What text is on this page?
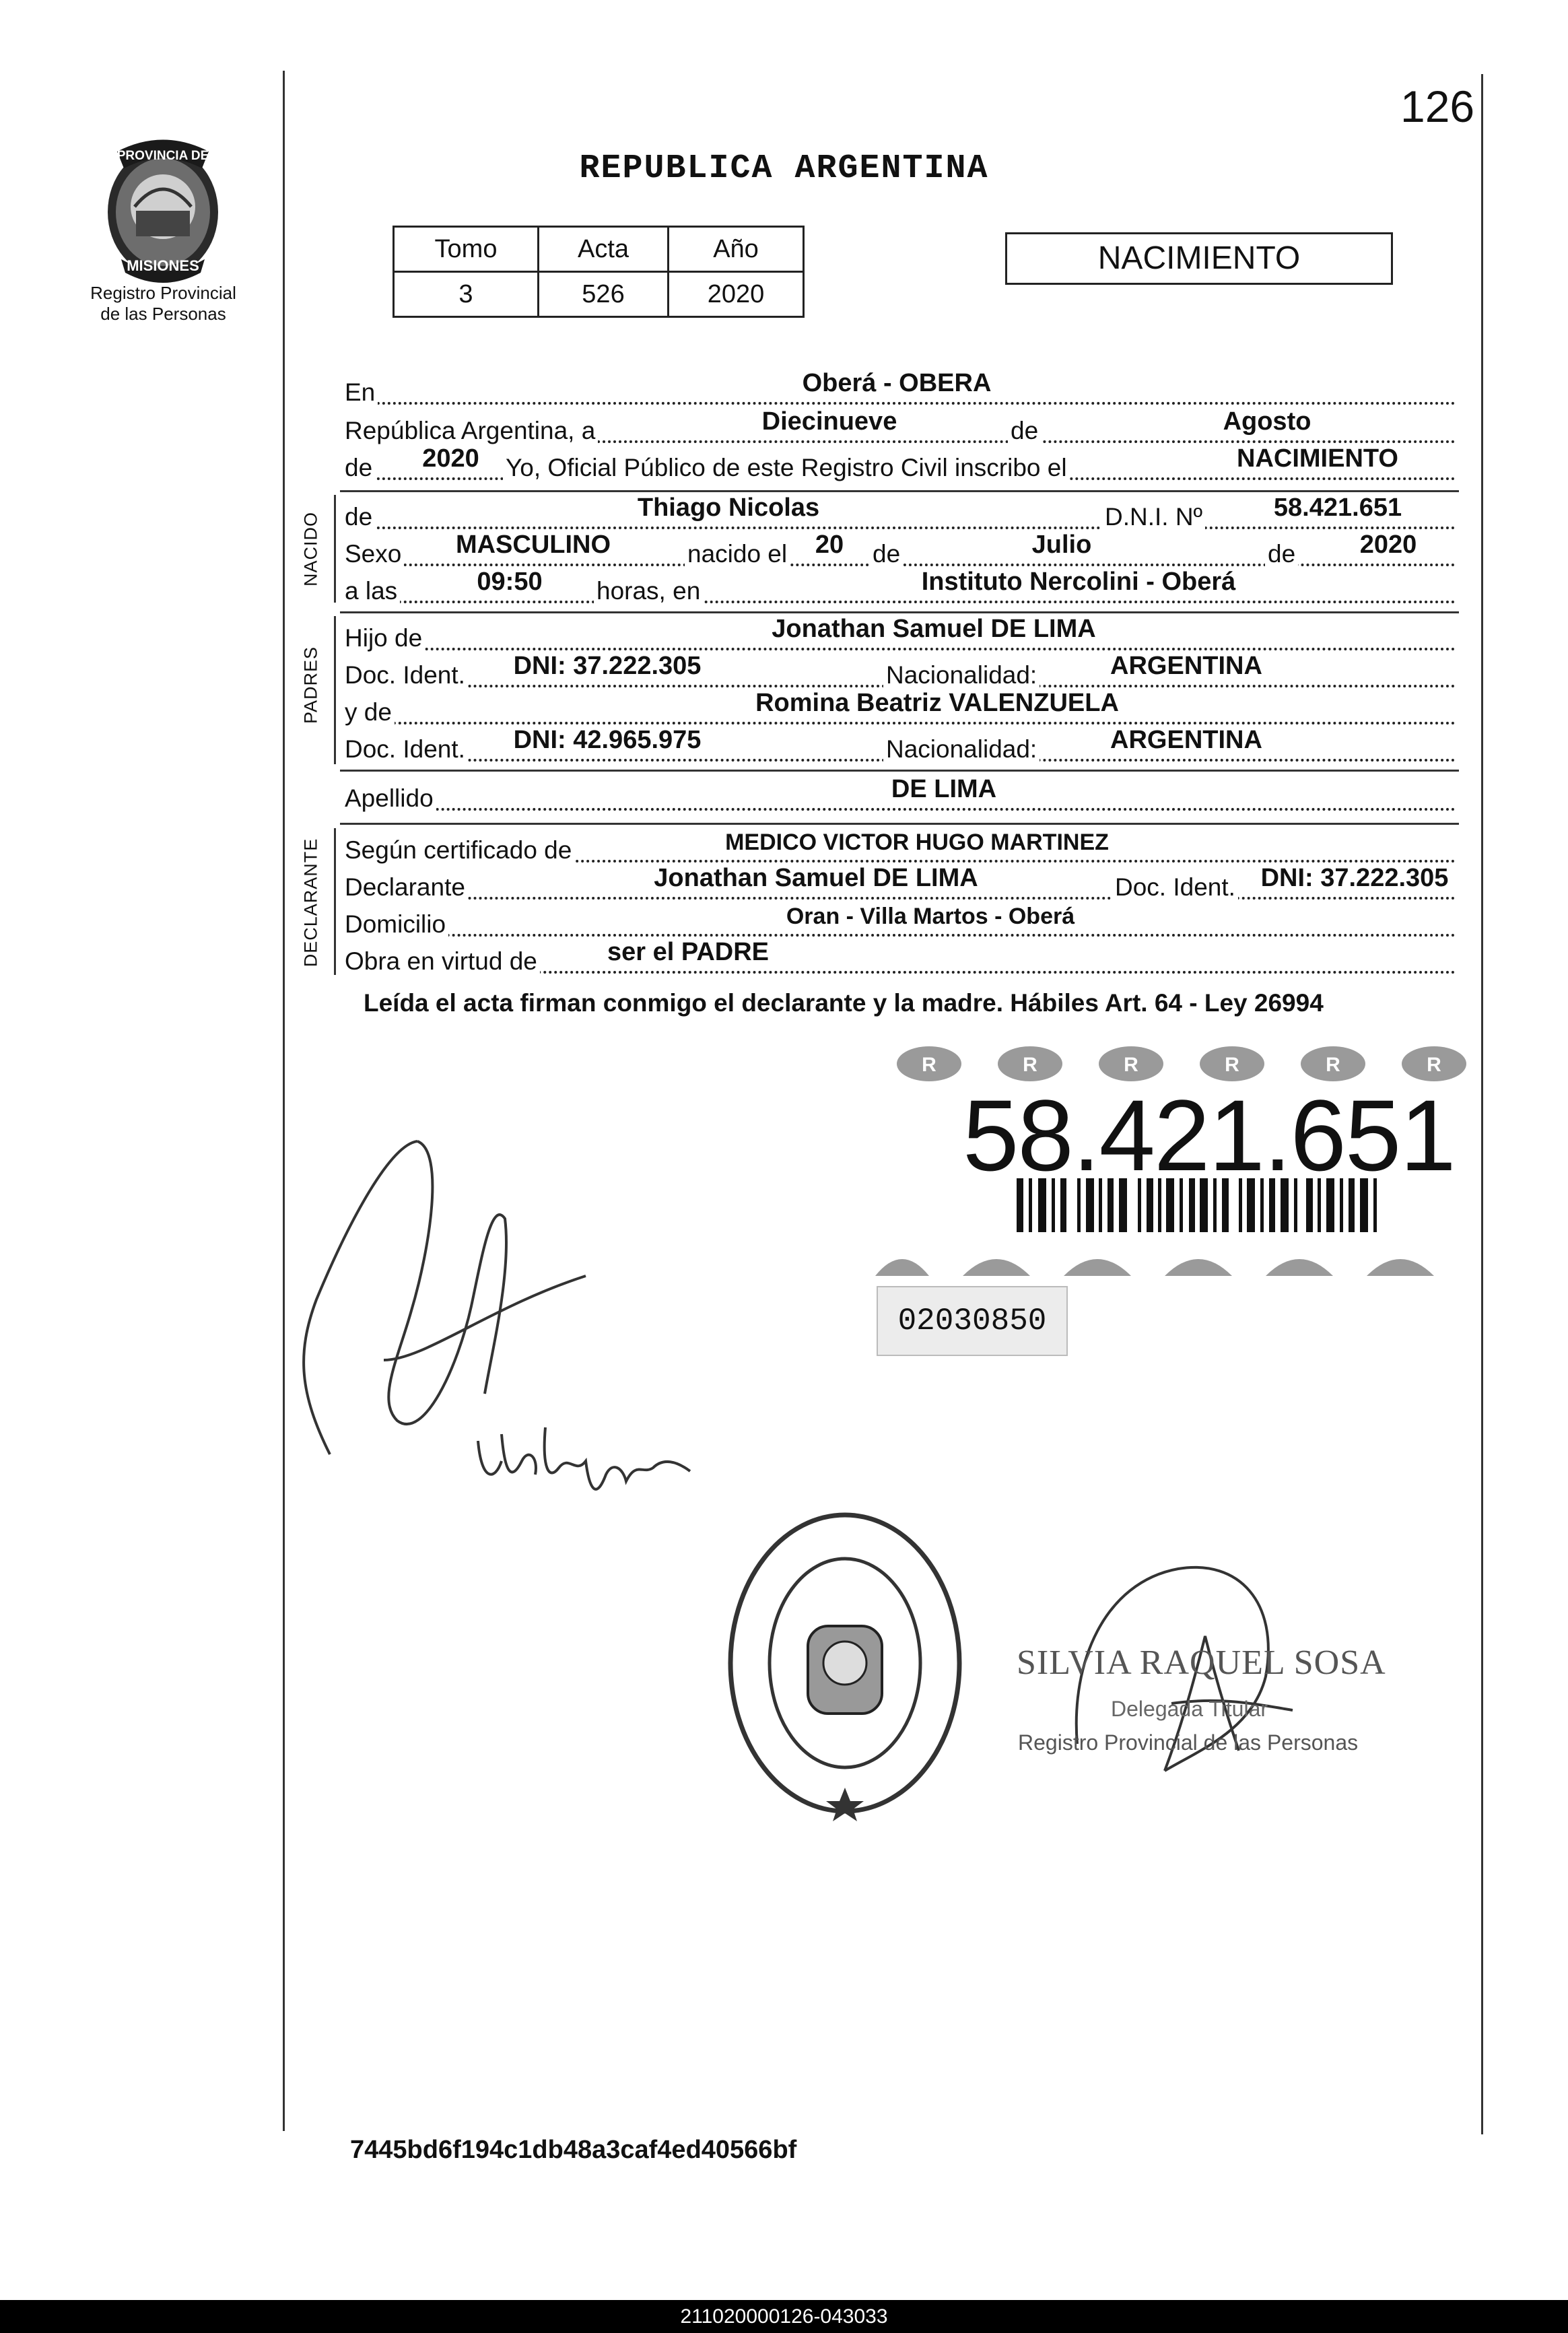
126
PROVINCIA DE
MISIONES
Registro Provincial
de las Personas
REPUBLICA ARGENTINA
Tomo	Acta	Año
3	526	2020
NACIMIENTO
En	Oberá - OBERA
República Argentina, a	Diecinueve	de	Agosto
de	2020	Yo, Oficial Público de este Registro Civil inscribo el	NACIMIENTO
NACIDO de	Thiago Nicolas	D.N.I. Nº	58.421.651
Sexo	MASCULINO	nacido el	20	de	Julio	de	2020
a las	09:50	horas, en	Instituto Nercolini - Oberá
PADRES
Hijo de	Jonathan Samuel DE LIMA
Doc. Ident.	DNI: 37.222.305	Nacionalidad:	ARGENTINA
y de	Romina Beatriz VALENZUELA
Doc. Ident.	DNI: 42.965.975	Nacionalidad:	ARGENTINA
Apellido	DE LIMA
DECLARANTE Según certificado de	MEDICO VICTOR HUGO MARTINEZ
Declarante	Jonathan Samuel DE LIMA	Doc. Ident. DNI: 37.222.305
Domicilio	Oran - Villa Martos - Oberá
Obra en virtud de	ser el PADRE
Leída el acta firman conmigo el declarante y la madre. Hábiles Art. 64 - Ley 26994
R	R	R	R	R	R
58.421.651
02030850
SILVIA RAQUEL SOSA
Delegada Titular
Registro Provincial de las Personas
7445bd6f194c1db48a3caf4ed40566bf
211020000126-043033
